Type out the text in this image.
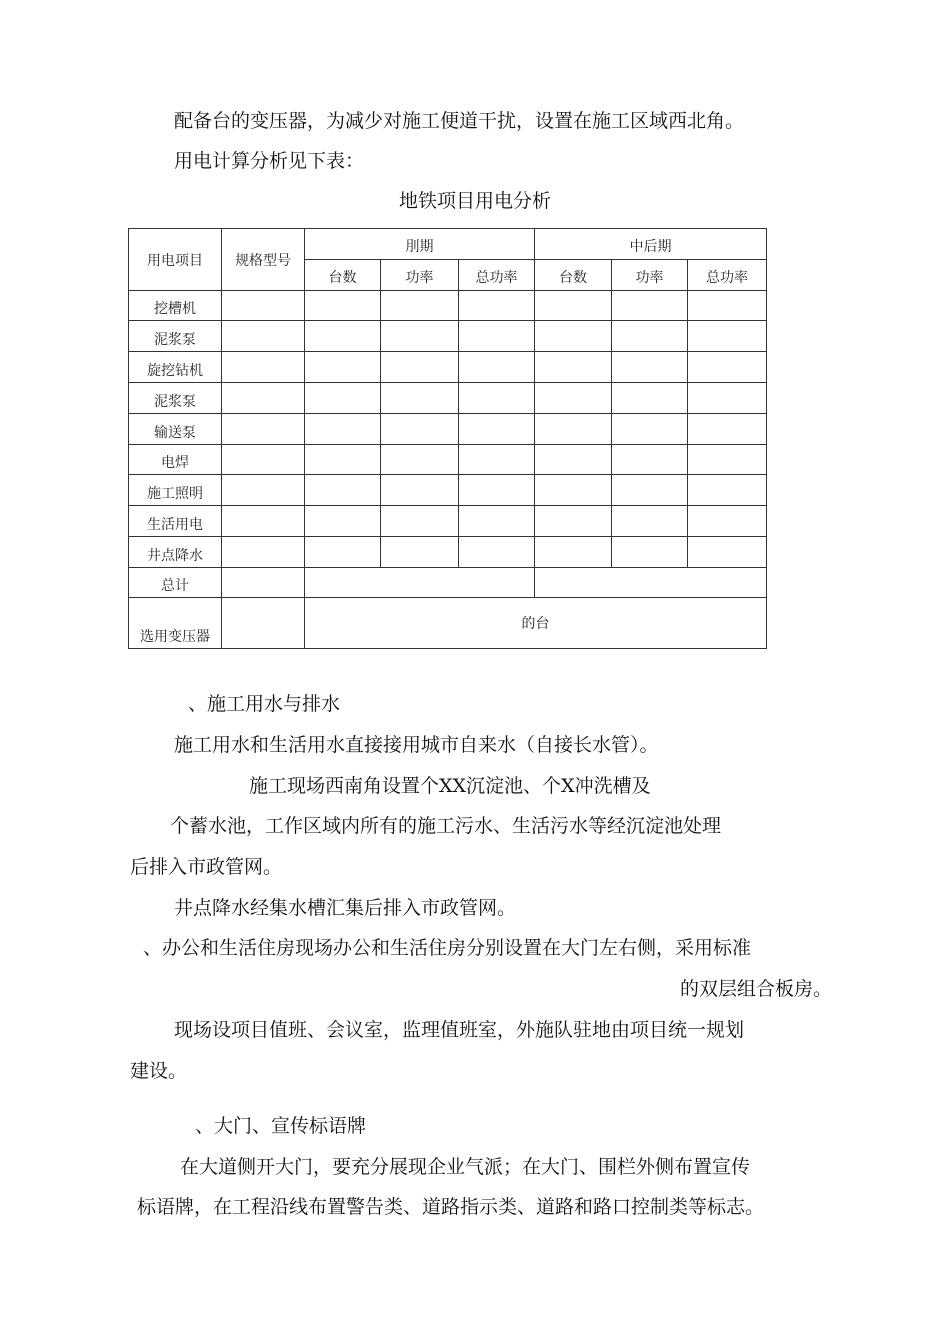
配备台的变压器，为减少对施工便道干扰，设置在施工区域西北角。
用电计算分析见下表：
地铁项目用电分析
用电项目	规格型号	刖期			中后期		
		台数	功率	总功率	台数	功率	总功率
挖槽机							
泥浆泵							
旋挖钻机							
泥浆泵							
输送泵							
电焊							
施工照明							
生活用电							
井点降水							
总计							
选用变压器		的台					
、施工用水与排水
施工用水和生活用水直接接用城市自来水（自接长水管）。
施工现场西南角设置个XX沉淀池、个X冲洗槽及
个蓄水池，工作区域内所有的施工污水、生活污水等经沉淀池处理
后排入市政管网。
井点降水经集水槽汇集后排入市政管网。
、办公和生活住房现场办公和生活住房分别设置在大门左右侧，采用标准
的双层组合板房。
现场设项目值班、会议室，监理值班室，外施队驻地由项目统一规划
建设。
、大门、宣传标语牌
在大道侧开大门，要充分展现企业气派；在大门、围栏外侧布置宣传
标语牌，在工程沿线布置警告类、道路指示类、道路和路口控制类等标志。
